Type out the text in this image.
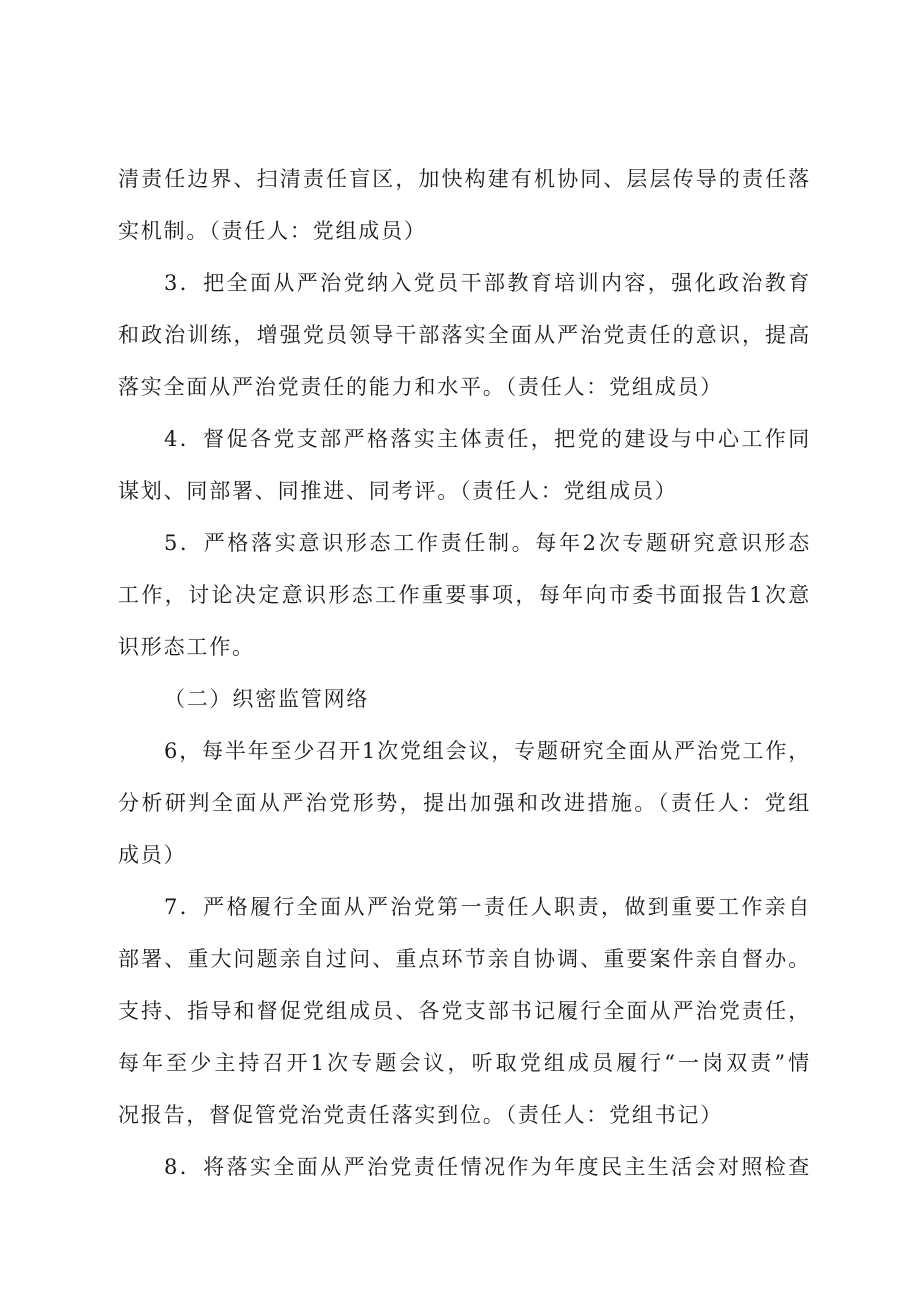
清责任边界、扫清责任盲区，加快构建有机协同、层层传导的责任落
实机制。（责任人：党组成员）
3．把全面从严治党纳入党员干部教育培训内容，强化政治教育
和政治训练，增强党员领导干部落实全面从严治党责任的意识，提高
落实全面从严治党责任的能力和水平。（责任人：党组成员）
4．督促各党支部严格落实主体责任，把党的建设与中心工作同
谋划、同部署、同推进、同考评。（责任人：党组成员）
5．严格落实意识形态工作责任制。每年2次专题研究意识形态
工作，讨论决定意识形态工作重要事项，每年向市委书面报告1次意
识形态工作。
（二）织密监管网络
6，每半年至少召开1次党组会议，专题研究全面从严治党工作，
分析研判全面从严治党形势，提出加强和改进措施。（责任人：党组
成员）
7．严格履行全面从严治党第一责任人职责，做到重要工作亲自
部署、重大问题亲自过问、重点环节亲自协调、重要案件亲自督办。
支持、指导和督促党组成员、各党支部书记履行全面从严治党责任，
每年至少主持召开1次专题会议，听取党组成员履行“一岗双责”情
况报告，督促管党治党责任落实到位。（责任人：党组书记）
8．将落实全面从严治党责任情况作为年度民主生活会对照检查
